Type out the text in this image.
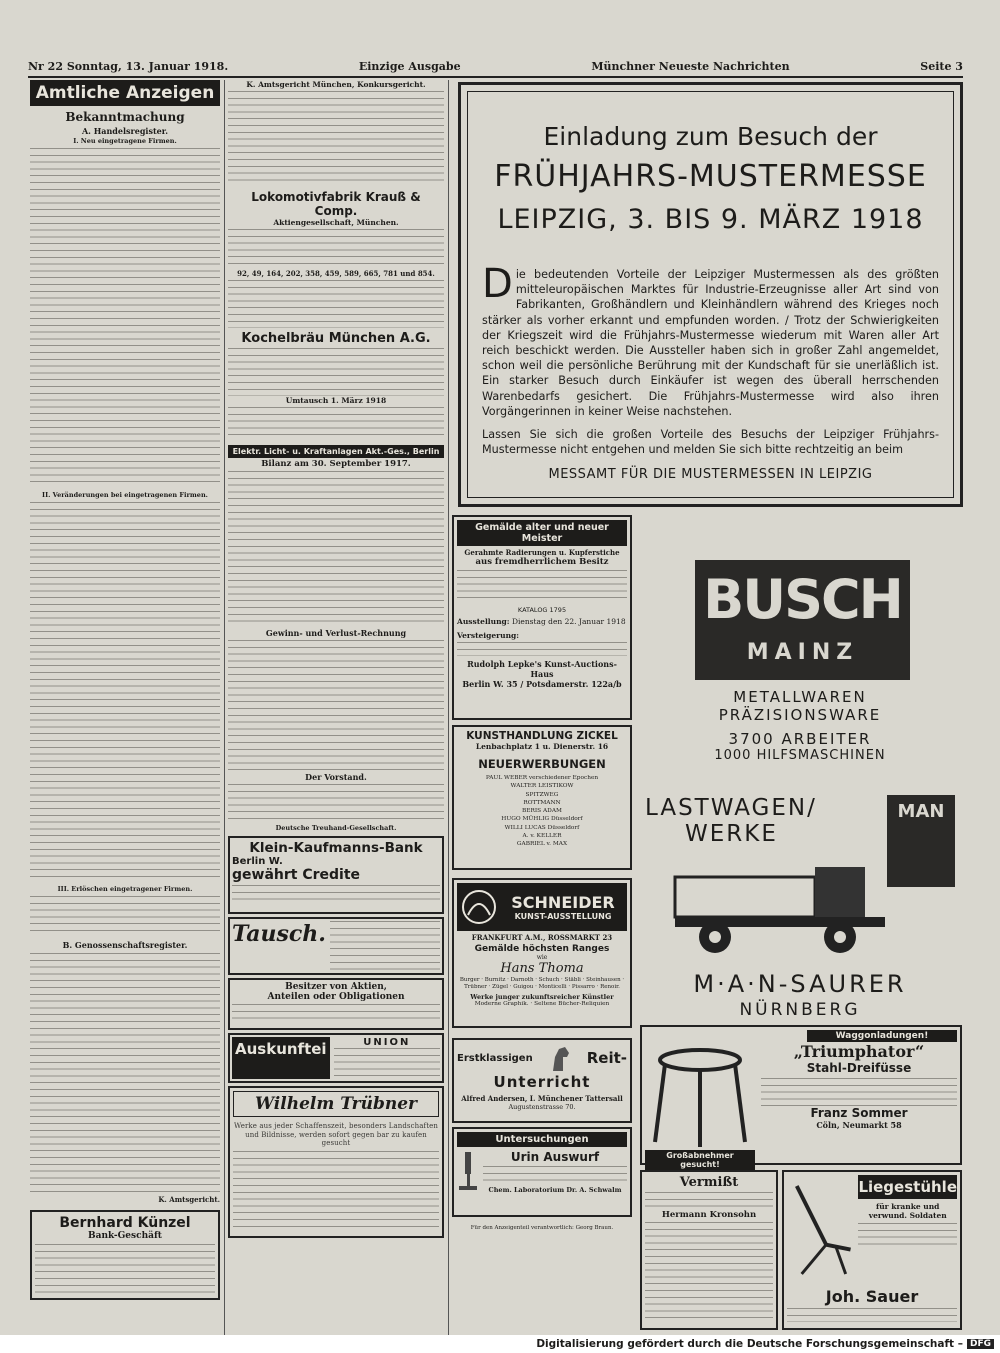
Nr 22 Sonntag, 13. Januar 1918.	Einzige Ausgabe	Münchner Neueste Nachrichten	Seite 3
Amtliche Anzeigen
Bekanntmachung
A. Handelsregister.
I. Neu eingetragene Firmen.
II. Veränderungen bei eingetragenen Firmen.
III. Erlöschen eingetragener Firmen.
B. Genossenschaftsregister.
K. Amtsgericht.
Bernhard Künzel
Bank-Geschäft
K. Amtsgericht München, Konkursgericht.
Lokomotivfabrik Krauß & Comp.
Aktiengesellschaft, München.
92, 49, 164, 202, 358, 459, 589, 665, 781 und 854.
Kochelbräu München A.G.
Umtausch 1. März 1918
Elektr. Licht- u. Kraftanlagen Akt.-Ges., Berlin
Bilanz am 30. September 1917.
Gewinn- und Verlust-Rechnung
Der Vorstand.
Deutsche Treuhand-Gesellschaft.
Klein-Kaufmanns-Bank
Berlin W.
gewährt Credite
Tausch.
Besitzer von Aktien,
Anteilen oder Obligationen
Auskunftei	UNION
Wilhelm Trübner
Werke aus jeder Schaffenszeit, besonders Landschaften und Bildnisse, werden sofort gegen bar zu kaufen gesucht
Einladung zum Besuch der
FRÜHJAHRS-MUSTERMESSE
LEIPZIG, 3. BIS 9. MÄRZ 1918
Die bedeutenden Vorteile der Leipziger Mustermessen als des größten mitteleuropäischen Marktes für Industrie-Erzeugnisse aller Art sind von Fabrikanten, Großhändlern und Kleinhändlern während des Krieges noch stärker als vorher erkannt und empfunden worden. / Trotz der Schwierigkeiten der Kriegszeit wird die Frühjahrs-Mustermesse wiederum mit Waren aller Art reich beschickt werden. Die Aussteller haben sich in großer Zahl angemeldet, schon weil die persönliche Berührung mit der Kundschaft für sie unerläßlich ist. Ein starker Besuch durch Einkäufer ist wegen des überall herrschenden Warenbedarfs gesichert. Die Frühjahrs-Mustermesse wird also ihren Vorgängerinnen in keiner Weise nachstehen.
Lassen Sie sich die großen Vorteile des Besuchs der Leipziger Frühjahrs-Mustermesse nicht entgehen und melden Sie sich bitte rechtzeitig an beim
MESSAMT FÜR DIE MUSTERMESSEN IN LEIPZIG
Gemälde alter und neuer Meister
Gerahmte Radierungen u. Kupferstiche
aus fremdherrlichem Besitz
KATALOG 1795
Ausstellung: Dienstag den 22. Januar 1918
Versteigerung:
Rudolph Lepke's Kunst-Auctions-Haus
Berlin W. 35 / Potsdamerstr. 122a/b
KUNSTHANDLUNG ZICKEL
Lenbachplatz 1 u. Dienerstr. 16
NEUERWERBUNGEN
PAUL WEBER verschiedener Epochen
WALTER LEISTIKOW
SPITZWEG
ROTTMANN
BERIS ADAM
HUGO MÜHLIG Düsseldorf
WILLI LUCAS Düsseldorf
A. v. KELLER
GABRIEL v. MAX
SCHNEIDER
KUNST-AUSSTELLUNG
FRANKFURT A.M., ROSSMARKT 23
Gemälde höchsten Ranges
wie
Hans Thoma
Burger · Burnitz · Darnoth · Schuch · Stäbli · Steinhausen · Trübner · Zügel · Guigou · Monticelli · Pissarro · Renoir.
Werke junger zukunftsreicher Künstler
Moderne Graphik. · Seltene Bücher-Reliquien
Erstklassigen	Reit-
Unterricht
Alfred Andersen, I. Münchener Tattersall
Augustenstrasse 70.
Untersuchungen
Urin Auswurf
Chem. Laboratorium Dr. A. Schwalm
Für den Anzeigenteil verantwortlich: Georg Braun.
BUSCH
MAINZ
METALLWAREN
PRÄZISIONSWARE
3700 ARBEITER
1000 HILFSMASCHINEN
LASTWAGEN/
WERKE
MAN
M·A·N-SAURER
NÜRNBERG
Waggonladungen!
„Triumphator“
Stahl-Dreifüsse
Franz Sommer
Cöln, Neumarkt 58
Großabnehmer gesucht!
Vermißt
Hermann Kronsohn
Liegestühle
für kranke und verwund. Soldaten
Joh. Sauer
Digitalisierung gefördert durch die Deutsche Forschungsgemeinschaft – DFG
